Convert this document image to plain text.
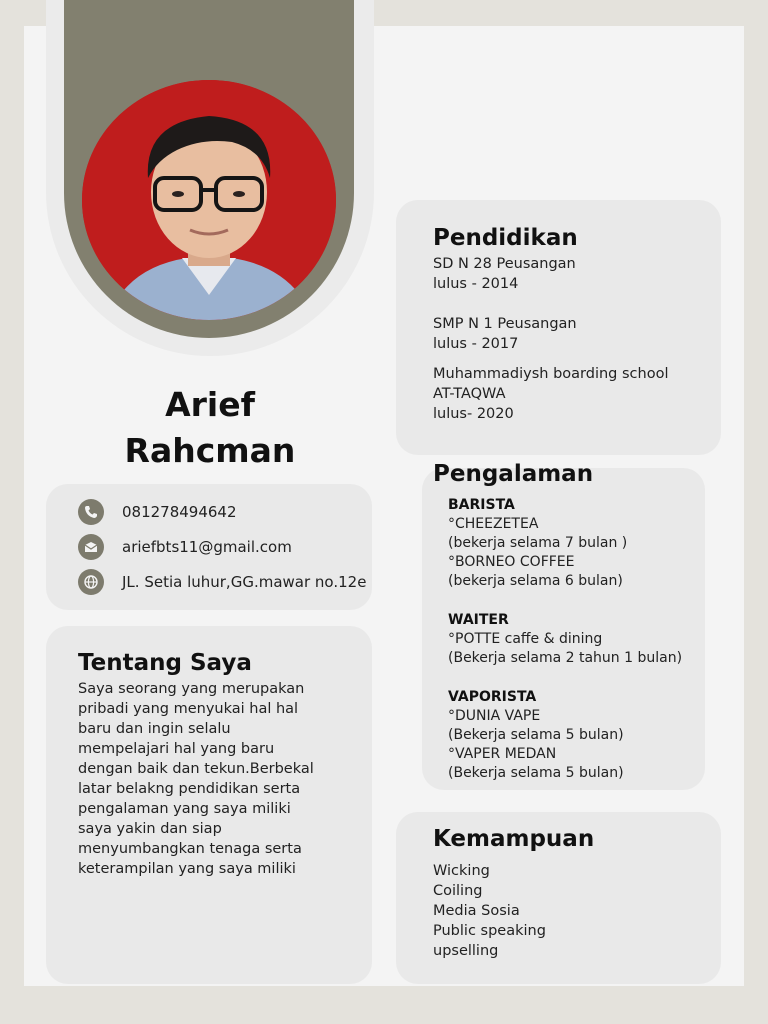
Arief
Rahcman
081278494642
ariefbts11@gmail.com
JL. Setia luhur,GG.mawar no.12e
Tentang Saya
Saya seorang yang merupakan
pribadi yang menyukai hal hal
baru dan ingin selalu
mempelajari hal yang baru
dengan baik dan tekun.Berbekal
latar belakng pendidikan serta
pengalaman yang saya miliki
saya yakin dan siap
menyumbangkan tenaga serta
keterampilan yang saya miliki
Pendidikan
SD N 28 Peusangan
lulus - 2014
SMP N 1 Peusangan
lulus - 2017
Muhammadiysh boarding school
AT-TAQWA
lulus- 2020
Pengalaman
BARISTA
°CHEEZETEA
(bekerja selama 7 bulan )
°BORNEO COFFEE
(bekerja selama 6 bulan)
WAITER
°POTTE caffe & dining
(Bekerja selama 2 tahun 1 bulan)
VAPORISTA
°DUNIA VAPE
(Bekerja selama 5 bulan)
°VAPER MEDAN
(Bekerja selama 5 bulan)
Kemampuan
Wicking
Coiling
Media Sosia
Public speaking
upselling
